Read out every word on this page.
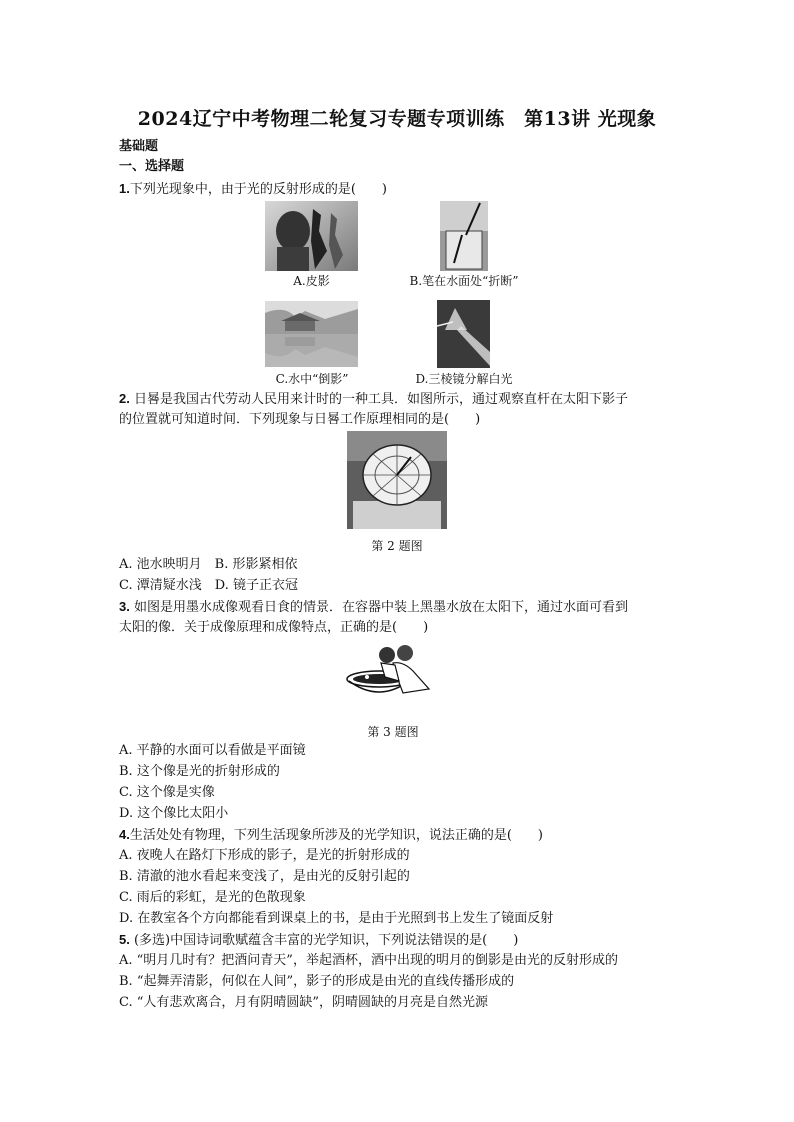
2024辽宁中考物理二轮复习专题专项训练　第13讲 光现象
基础题
一、选择题
1.下列光现象中，由于光的反射形成的是(　　)
A.皮影	B.笔在水面处“折断”
C.水中“倒影”	D.三棱镜分解白光
2. 日晷是我国古代劳动人民用来计时的一种工具．如图所示，通过观察直杆在太阳下影子
的位置就可知道时间．下列现象与日晷工作原理相同的是(　　)
第 2 题图
A. 池水映明月　B. 形影紧相依
C. 潭清疑水浅　D. 镜子正衣冠
3. 如图是用墨水成像观看日食的情景．在容器中装上黑墨水放在太阳下，通过水面可看到
太阳的像．关于成像原理和成像特点，正确的是(　　)
第 3 题图
A. 平静的水面可以看做是平面镜
B. 这个像是光的折射形成的
C. 这个像是实像
D. 这个像比太阳小
4.生活处处有物理，下列生活现象所涉及的光学知识，说法正确的是(　　)
A. 夜晚人在路灯下形成的影子，是光的折射形成的
B. 清澈的池水看起来变浅了，是由光的反射引起的
C. 雨后的彩虹，是光的色散现象
D. 在教室各个方向都能看到课桌上的书，是由于光照到书上发生了镜面反射
5. (多选)中国诗词歌赋蕴含丰富的光学知识，下列说法错误的是(　　)
A. “明月几时有？把酒问青天”，举起酒杯，酒中出现的明月的倒影是由光的反射形成的
B. “起舞弄清影，何似在人间”，影子的形成是由光的直线传播形成的
C. “人有悲欢离合，月有阴晴圆缺”，阴晴圆缺的月亮是自然光源
